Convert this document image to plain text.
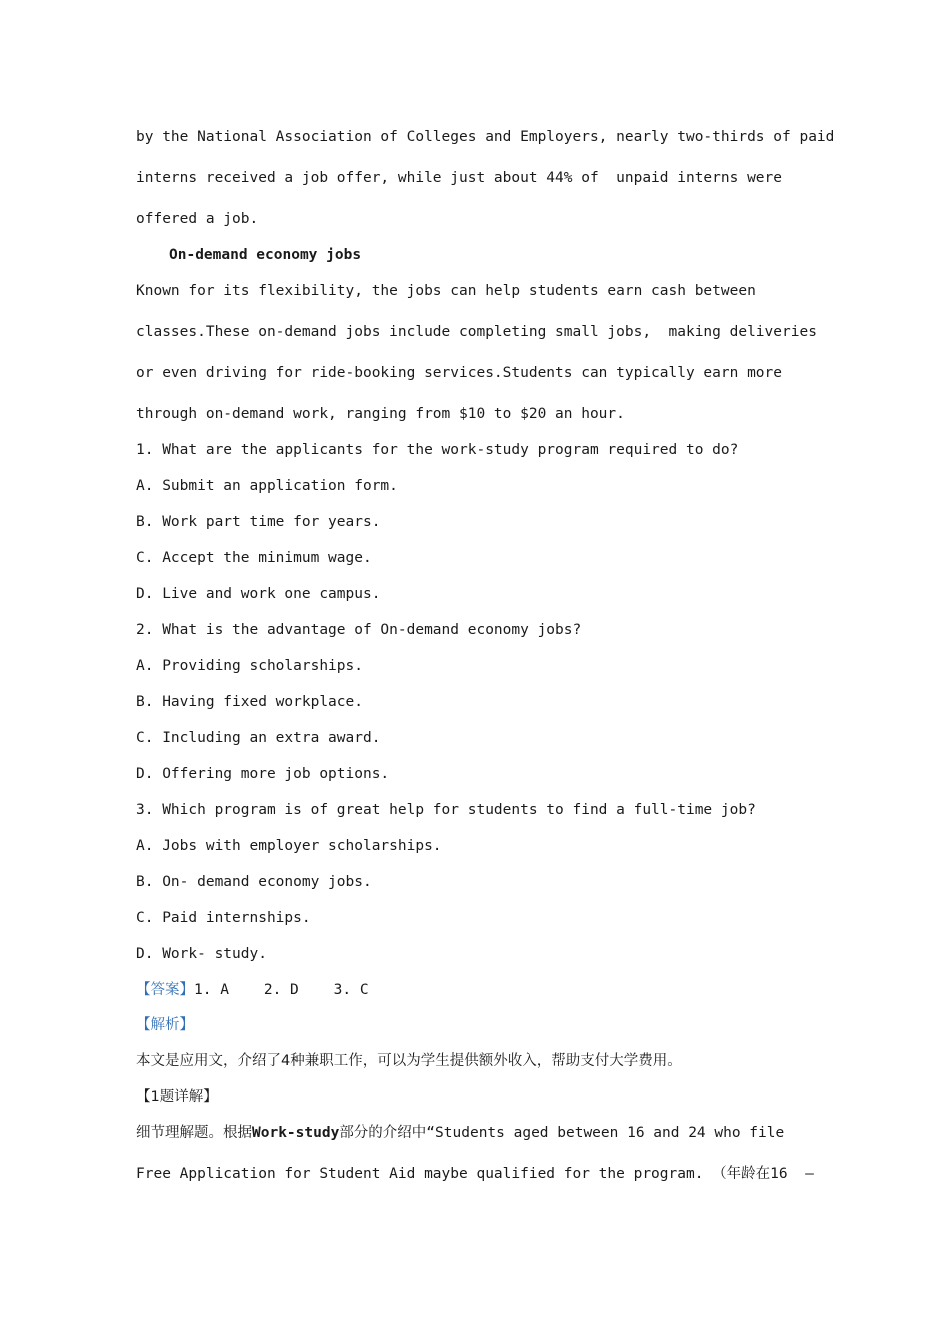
by the National Association of Colleges and Employers, nearly two-thirds of paid
interns received a job offer, while just about 44% of  unpaid interns were
offered a job.
On-demand economy jobs
Known for its flexibility, the jobs can help students earn cash between
classes.These on-demand jobs include completing small jobs,  making deliveries
or even driving for ride-booking services.Students can typically earn more
through on-demand work, ranging from $10 to $20 an hour.
1. What are the applicants for the work-study program required to do?
A. Submit an application form.
B. Work part time for years.
C. Accept the minimum wage.
D. Live and work one campus.
2. What is the advantage of On-demand economy jobs?
A. Providing scholarships.
B. Having fixed workplace.
C. Including an extra award.
D. Offering more job options.
3. Which program is of great help for students to find a full-time job?
A. Jobs with employer scholarships.
B. On- demand economy jobs.
C. Paid internships.
D. Work- study.
【答案】1. A    2. D    3. C
【解析】
本文是应用文，介绍了4种兼职工作，可以为学生提供额外收入，帮助支付大学费用。
【1题详解】
细节理解题。根据Work-study部分的介绍中“Students aged between 16 and 24 who file
Free Application for Student Aid maybe qualified for the program. （年龄在16  —
